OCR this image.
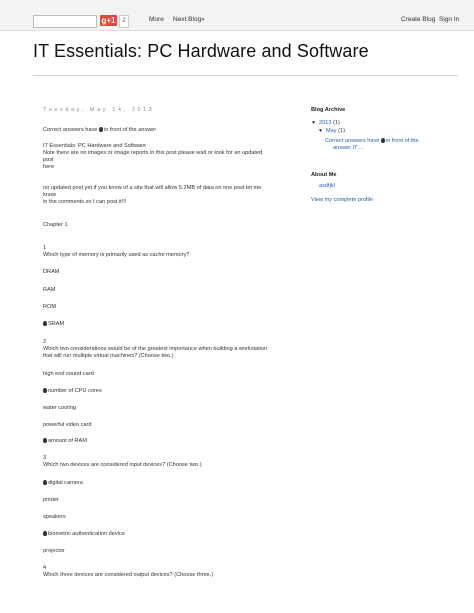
g+1	2	More Next Blog»	Create Blog Sign In
IT Essentials: PC Hardware and Software
Tuesday, May 14, 2013
Correct answers have in front of the answer
IT Essentials: PC Hardware and Software
Note there are no images or image reports in this post please wait or look for an updated
post
here
no updated post yet if you know of a site that will allow 5.2MB of data on one post let me
know
in the comments so I can post it!!!
Chapter 1
1
Which type of memory is primarily used as cache memory?
DRAM
RAM
ROM
SRAM
2
Which two considerations would be of the greatest importance when building a workstation
that will run multiple virtual machines? (Choose two.)
high end sound card
number of CPU cores
water cooling
powerful video card
amount of RAM
3
Which two devices are considered input devices? (Choose two.)
digital camera
printer
speakers
biometric authentication device
projector
4
Which three devices are considered output devices? (Choose three.)
Blog Archive
▼ 2013 (1)
▼ May (1)
Correct answers have in front of the
answer IT ...
About Me
asdfjkl
View my complete profile
